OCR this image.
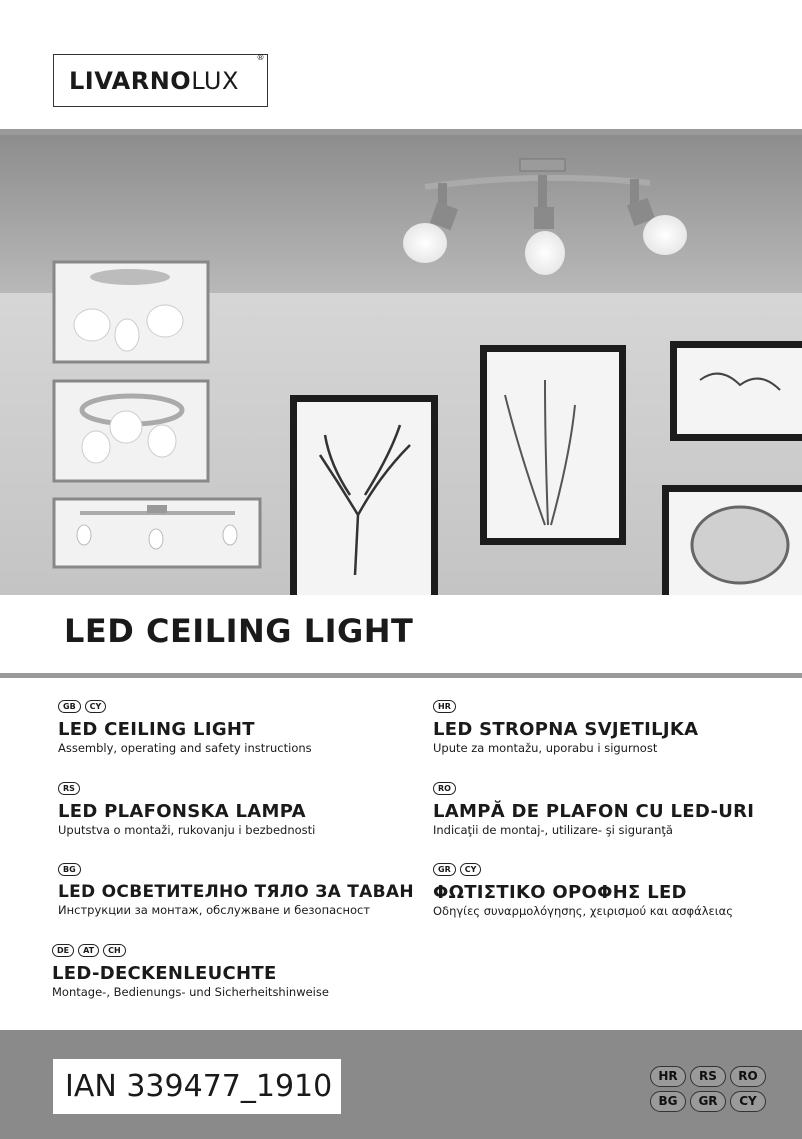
LIVARNO LUX
®
LED CEILING LIGHT
GB	CY
LED CEILING LIGHT
Assembly, operating and safety instructions
HR
LED STROPNA SVJETILJKA
Upute za montažu, uporabu i sigurnost
RS
LED PLAFONSKA LAMPA
Uputstva o montaži, rukovanju i bezbednosti
RO
LAMPĂ DE PLAFON CU LED-URI
Indicaţii de montaj-, utilizare- şi siguranţă
BG
LED ОСВЕТИТЕЛНО ТЯЛО ЗА ТАВАН
Инструкции за монтаж, обслужване и безопасност
GR	CY
ΦΩΤΙΣΤΙΚΟ ΟΡΟΦΗΣ LED
Οδηγίες συναρμολόγησης, χειρισμού και ασφάλειας
DE	AT	CH
LED-DECKENLEUCHTE
Montage-, Bedienungs- und Sicherheitshinweise
IAN 339477_1910	HR	RS	RO
BG	GR	CY
